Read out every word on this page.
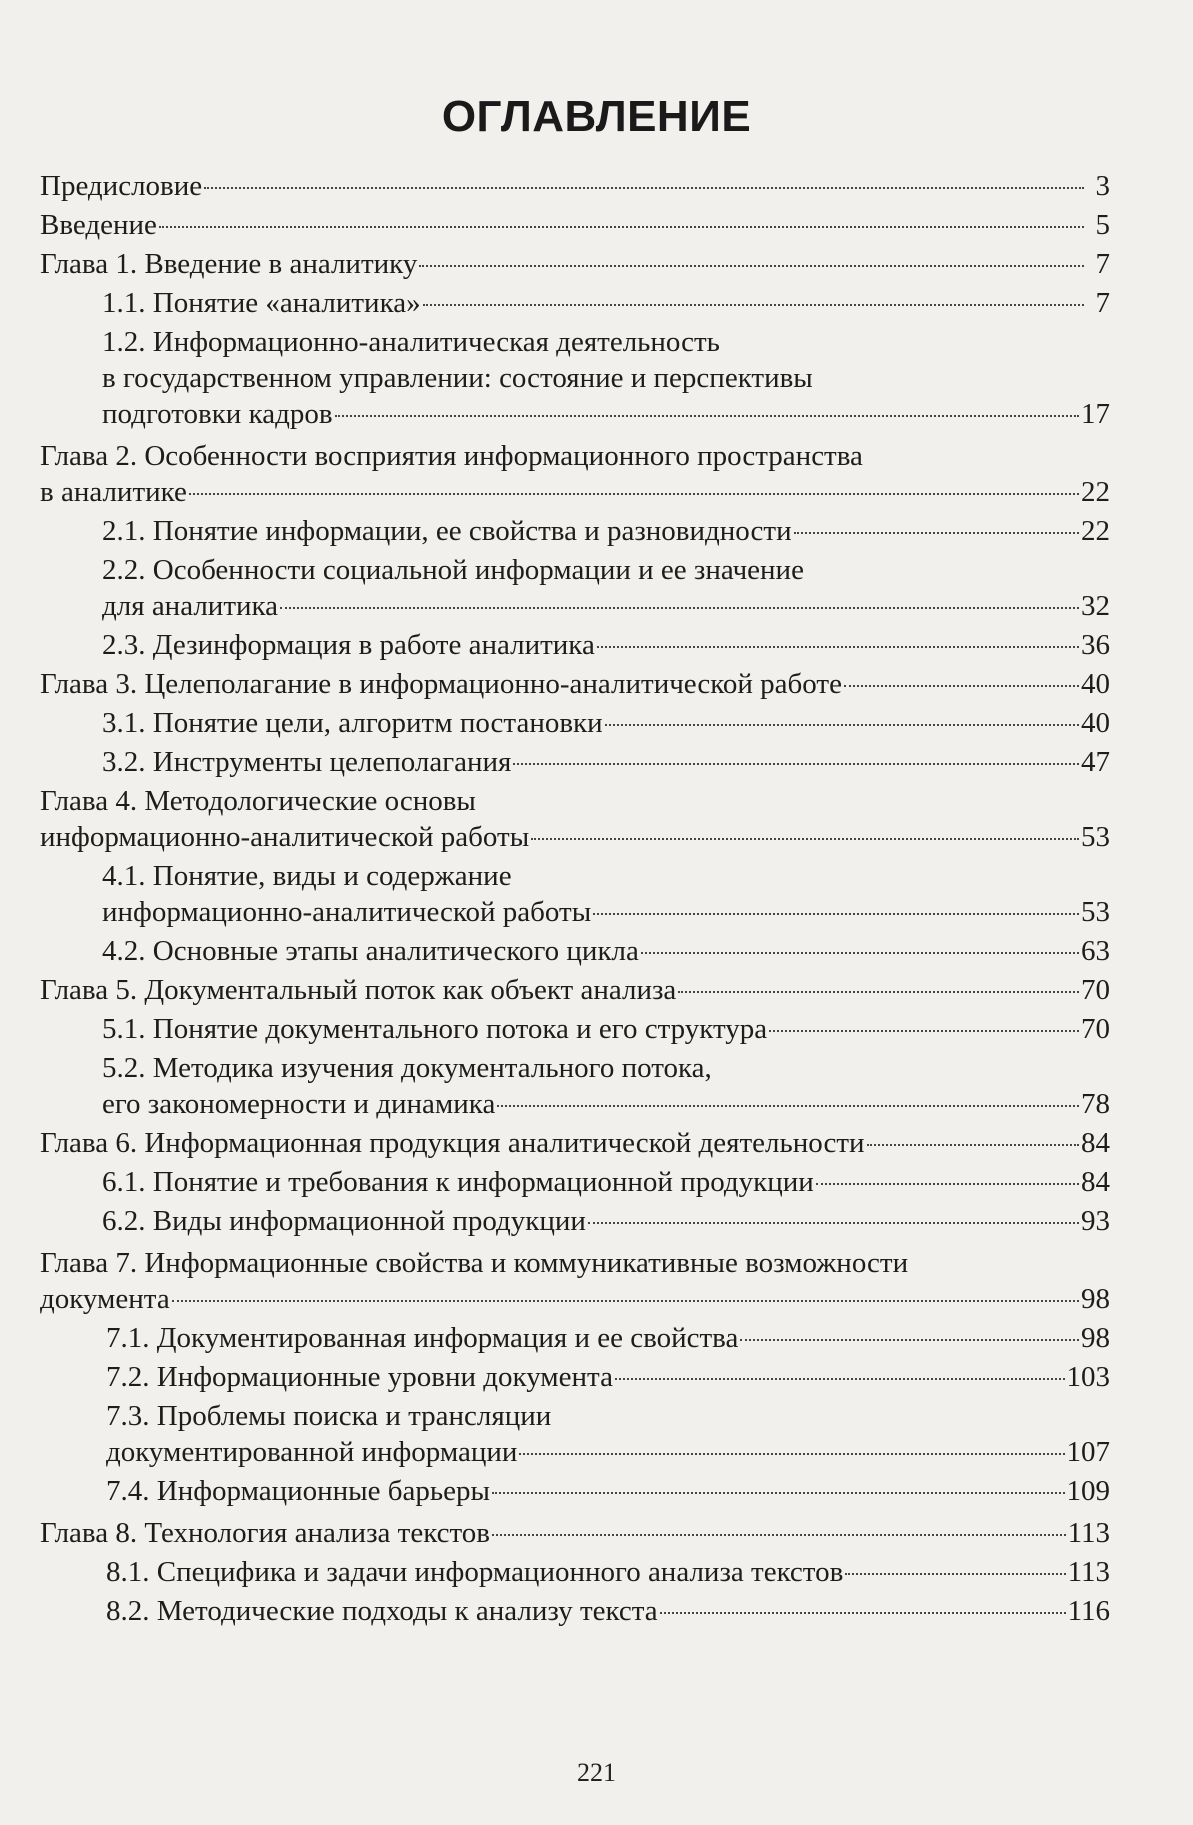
ОГЛАВЛЕНИЕ
Предисловие	3
Введение	5
Глава 1. Введение в аналитику	7
1.1. Понятие «аналитика»	7
1.2. Информационно-аналитическая деятельность
в государственном управлении: состояние и перспективы
подготовки кадров	17
Глава 2. Особенности восприятия информационного пространства
в аналитике	22
2.1. Понятие информации, ее свойства и разновидности	22
2.2. Особенности социальной информации и ее значение
для аналитика	32
2.3. Дезинформация в работе аналитика	36
Глава 3. Целеполагание в информационно-аналитической работе	40
3.1. Понятие цели, алгоритм постановки	40
3.2. Инструменты целеполагания	47
Глава 4. Методологические основы
информационно-аналитической работы	53
4.1. Понятие, виды и содержание
информационно-аналитической работы	53
4.2. Основные этапы аналитического цикла	63
Глава 5. Документальный поток как объект анализа	70
5.1. Понятие документального потока и его структура	70
5.2. Методика изучения документального потока,
его закономерности и динамика	78
Глава 6. Информационная продукция аналитической деятельности	84
6.1. Понятие и требования к информационной продукции	84
6.2. Виды информационной продукции	93
Глава 7. Информационные свойства и коммуникативные возможности
документа	98
7.1. Документированная информация и ее свойства	98
7.2. Информационные уровни документа	103
7.3. Проблемы поиска и трансляции
документированной информации	107
7.4. Информационные барьеры	109
Глава 8. Технология анализа текстов	113
8.1. Специфика и задачи информационного анализа текстов	113
8.2. Методические подходы к анализу текста	116
221
